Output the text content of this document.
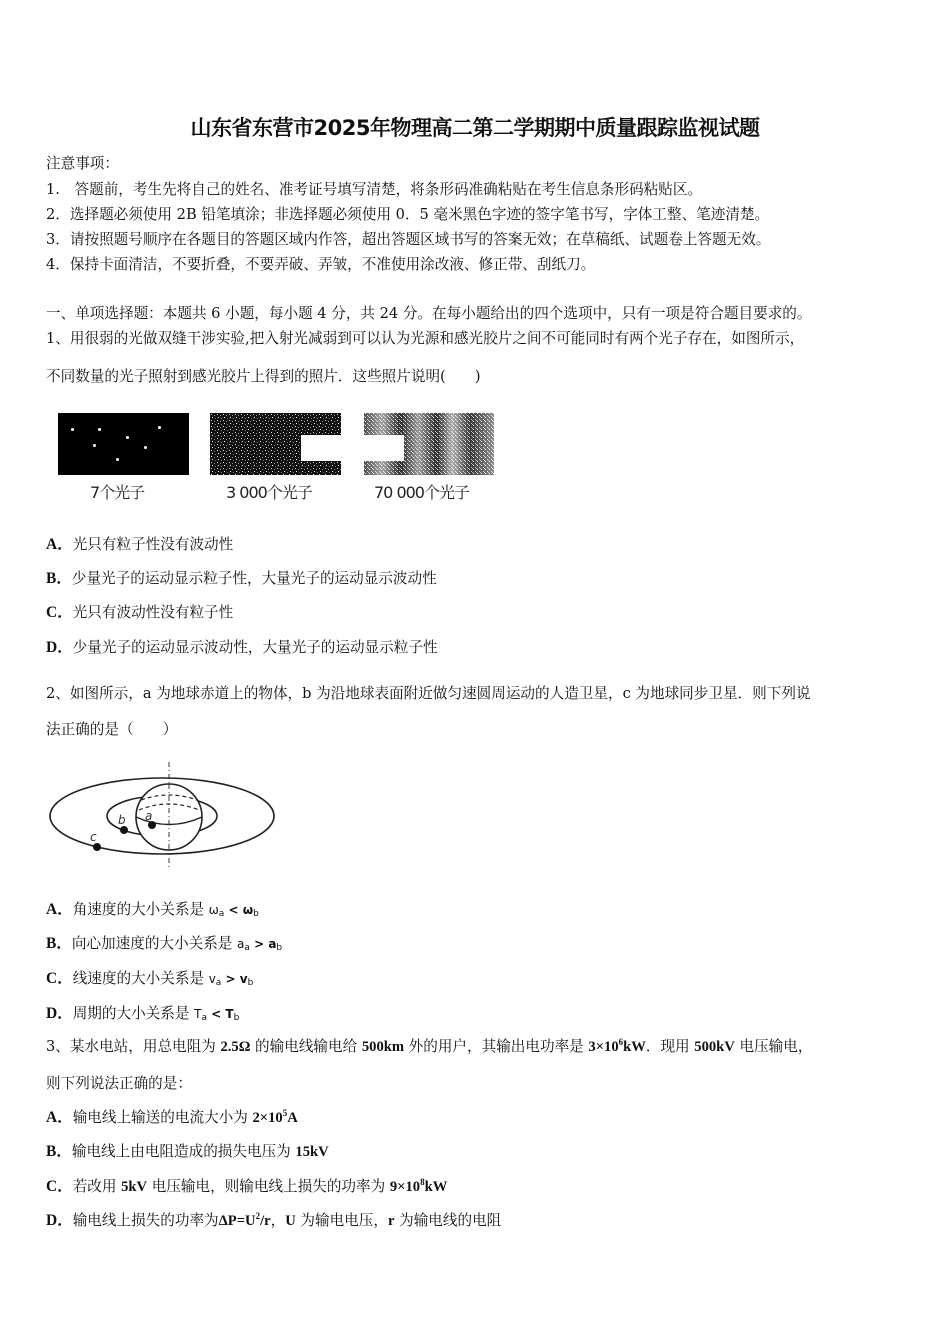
山东省东营市2025年物理高二第二学期期中质量跟踪监视试题
注意事项：
1.　答题前，考生先将自己的姓名、准考证号填写清楚，将条形码准确粘贴在考生信息条形码粘贴区。
2．选择题必须使用 2B 铅笔填涂；非选择题必须使用 0．5 毫米黑色字迹的签字笔书写，字体工整、笔迹清楚。
3．请按照题号顺序在各题目的答题区域内作答，超出答题区域书写的答案无效；在草稿纸、试题卷上答题无效。
4．保持卡面清洁，不要折叠，不要弄破、弄皱，不准使用涂改液、修正带、刮纸刀。
一、单项选择题：本题共 6 小题，每小题 4 分，共 24 分。在每小题给出的四个选项中，只有一项是符合题目要求的。
1、用很弱的光做双缝干涉实验,把入射光减弱到可以认为光源和感光胶片之间不可能同时有两个光子存在，如图所示，
不同数量的光子照射到感光胶片上得到的照片．这些照片说明(　　)
7个光子	3 000个光子	70 000个光子
A．光只有粒子性没有波动性
B．少量光子的运动显示粒子性，大量光子的运动显示波动性
C．光只有波动性没有粒子性
D．少量光子的运动显示波动性，大量光子的运动显示粒子性
2、如图所示，a 为地球赤道上的物体，b 为沿地球表面附近做匀速圆周运动的人造卫星，c 为地球同步卫星．则下列说
法正确的是（　　）
a
b
c
A．角速度的大小关系是 $\omega_a < \omega_b$
B．向心加速度的大小关系是 $a_a > a_b$
C．线速度的大小关系是 $v_a > v_b$
D．周期的大小关系是 $T_a < T_b$
3、某水电站，用总电阻为 2.5Ω 的输电线输电给 500km 外的用户，其输出电功率是 $3\times 10^6kW$．现用 500kV 电压输电，
则下列说法正确的是：
A．输电线上输送的电流大小为 $2\times 10^5A$
B．输电线上由电阻造成的损失电压为 15kV
C．若改用 5kV 电压输电，则输电线上损失的功率为 $9\times 10^8kW$
D．输电线上损失的功率为$\Delta P=U^2/r$，U 为输电电压，r 为输电线的电阻
